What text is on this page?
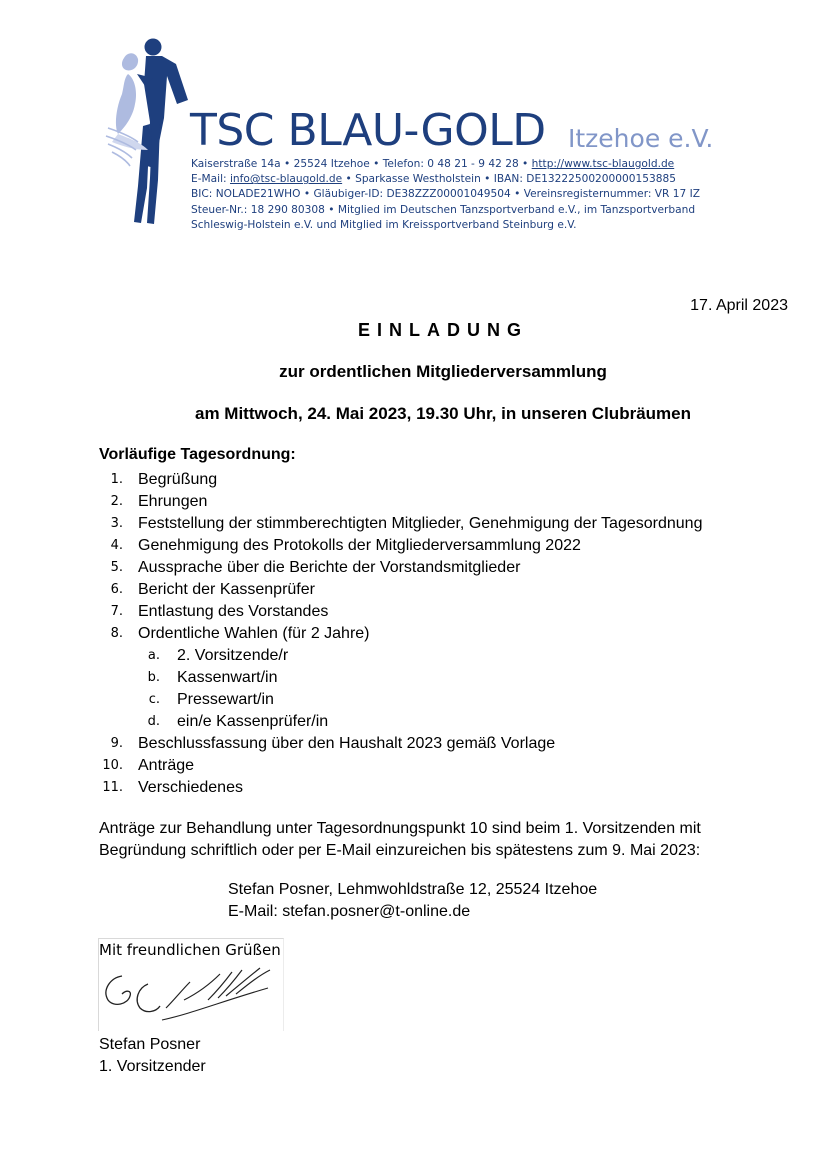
TSC BLAU-GOLD Itzehoe e.V.
Kaiserstraße 14a • 25524 Itzehoe • Telefon: 0 48 21 - 9 42 28 • http://www.tsc-blaugold.de
E-Mail: info@tsc-blaugold.de • Sparkasse Westholstein • IBAN: DE13222500200000153885
BIC: NOLADE21WHO • Gläubiger-ID: DE38ZZZ00001049504 • Vereinsregisternummer: VR 17 IZ
Steuer-Nr.: 18 290 80308 • Mitglied im Deutschen Tanzsportverband e.V., im Tanzsportverband
Schleswig-Holstein e.V. und Mitglied im Kreissportverband Steinburg e.V.
17. April 2023
EINLADUNG
zur ordentlichen Mitgliederversammlung
am Mittwoch, 24. Mai 2023, 19.30 Uhr, in unseren Clubräumen
Vorläufige Tagesordnung:
1. Begrüßung
2. Ehrungen
3. Feststellung der stimmberechtigten Mitglieder, Genehmigung der Tagesordnung
4. Genehmigung des Protokolls der Mitgliederversammlung 2022
5. Aussprache über die Berichte der Vorstandsmitglieder
6. Bericht der Kassenprüfer
7. Entlastung des Vorstandes
8. Ordentliche Wahlen (für 2 Jahre)
a. 2. Vorsitzende/r
b. Kassenwart/in
c. Pressewart/in
d. ein/e Kassenprüfer/in
9. Beschlussfassung über den Haushalt 2023 gemäß Vorlage
10. Anträge
11. Verschiedenes
Anträge zur Behandlung unter Tagesordnungspunkt 10 sind beim 1. Vorsitzenden mit
Begründung schriftlich oder per E-Mail einzureichen bis spätestens zum 9. Mai 2023:
Stefan Posner, Lehmwohldstraße 12, 25524 Itzehoe
E-Mail: stefan.posner@t-online.de
Mit freundlichen Grüßen
Stefan Posner
1. Vorsitzender
